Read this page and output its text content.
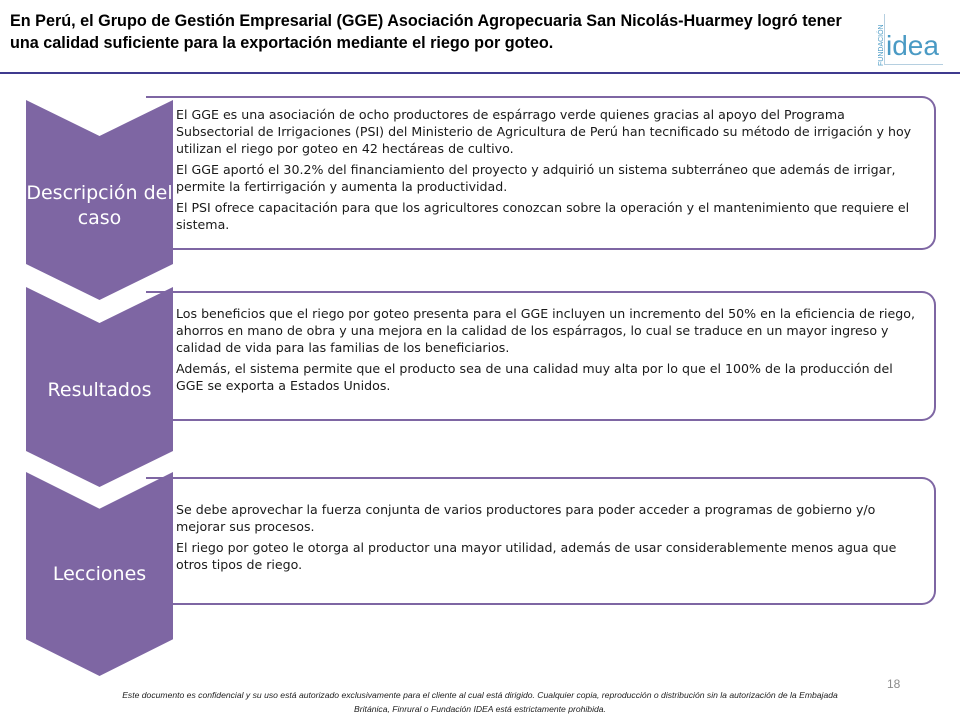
En Perú, el Grupo de Gestión Empresarial (GGE) Asociación Agropecuaria San Nicolás-Huarmey logró tener una calidad suficiente para la exportación mediante el riego por goteo.	FUNDACIÓN idea
• El GGE es una asociación de ocho productores de espárrago verde quienes gracias al apoyo del Programa Subsectorial de Irrigaciones (PSI) del Ministerio de Agricultura de Perú han tecnificado su método de irrigación y hoy utilizan el riego por goteo en 42 hectáreas de cultivo.
• El GGE aportó el 30.2% del financiamiento del proyecto y adquirió un sistema subterráneo que además de irrigar, permite la fertirrigación y aumenta la productividad.
• El PSI ofrece capacitación para que los agricultores conozcan sobre la operación y el mantenimiento que requiere el sistema.
Descripción del caso
• Los beneficios que el riego por goteo presenta para el GGE incluyen un incremento del 50% en la eficiencia de riego, ahorros en mano de obra y una mejora en la calidad de los espárragos, lo cual se traduce en un mayor ingreso y calidad de vida para las familias de los beneficiarios.
• Además, el sistema permite que el producto sea de una calidad muy alta por lo que el 100% de la producción del GGE se exporta a Estados Unidos.
Resultados
• Se debe aprovechar la fuerza conjunta de varios productores para poder acceder a programas de gobierno y/o mejorar sus procesos.
• El riego por goteo le otorga al productor una mayor utilidad, además de usar considerablemente menos agua que otros tipos de riego.
Lecciones
18
Este documento es confidencial y su uso está autorizado exclusivamente para el cliente al cual está dirigido. Cualquier copia, reproducción o distribución sin la autorización de la Embajada Británica, Finrural o Fundación IDEA está estrictamente prohibida.
